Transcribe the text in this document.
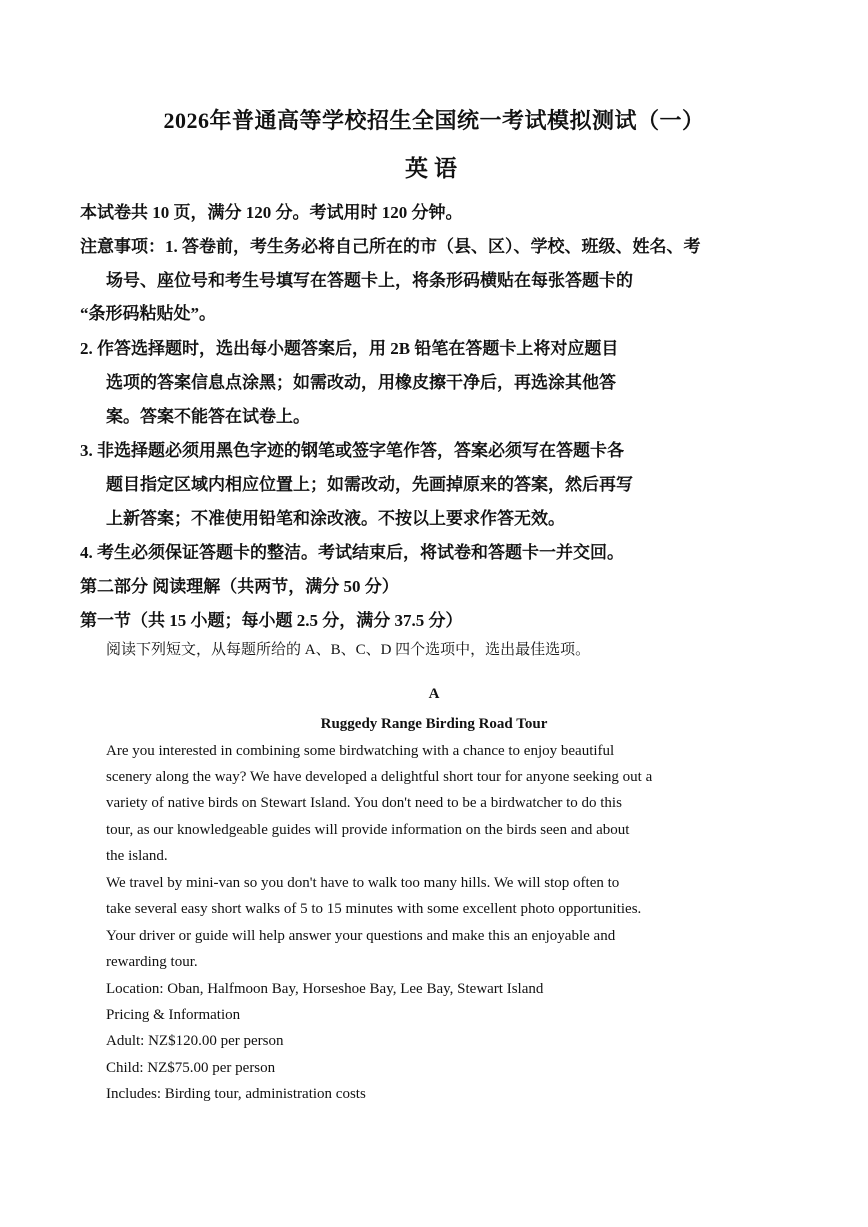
2026年普通高等学校招生全国统一考试模拟测试（一）
英语
本试卷共 10 页，满分 120 分。考试用时 120 分钟。
注意事项：1. 答卷前，考生务必将自己所在的市（县、区）、学校、班级、姓名、考
场号、座位号和考生号填写在答题卡上，将条形码横贴在每张答题卡的
“条形码粘贴处”。
2. 作答选择题时，选出每小题答案后，用 2B 铅笔在答题卡上将对应题目
选项的答案信息点涂黑；如需改动，用橡皮擦干净后，再选涂其他答
案。答案不能答在试卷上。
3. 非选择题必须用黑色字迹的钢笔或签字笔作答，答案必须写在答题卡各
题目指定区域内相应位置上；如需改动，先画掉原来的答案，然后再写
上新答案；不准使用铅笔和涂改液。不按以上要求作答无效。
4. 考生必须保证答题卡的整洁。考试结束后，将试卷和答题卡一并交回。
第二部分 阅读理解（共两节，满分 50 分）
第一节（共 15 小题；每小题 2.5 分，满分 37.5 分）
阅读下列短文，从每题所给的 A、B、C、D 四个选项中，选出最佳选项。
A
Ruggedy Range Birding Road Tour
Are you interested in combining some birdwatching with a chance to enjoy beautiful
scenery along the way? We have developed a delightful short tour for anyone seeking out a
variety of native birds on Stewart Island. You don't need to be a birdwatcher to do this
tour, as our knowledgeable guides will provide information on the birds seen and about
the island.
We travel by mini-van so you don't have to walk too many hills. We will stop often to
take several easy short walks of 5 to 15 minutes with some excellent photo opportunities.
Your driver or guide will help answer your questions and make this an enjoyable and
rewarding tour.
Location: Oban, Halfmoon Bay, Horseshoe Bay, Lee Bay, Stewart Island
Pricing & Information
Adult: NZ$120.00 per person
Child: NZ$75.00 per person
Includes: Birding tour, administration costs
